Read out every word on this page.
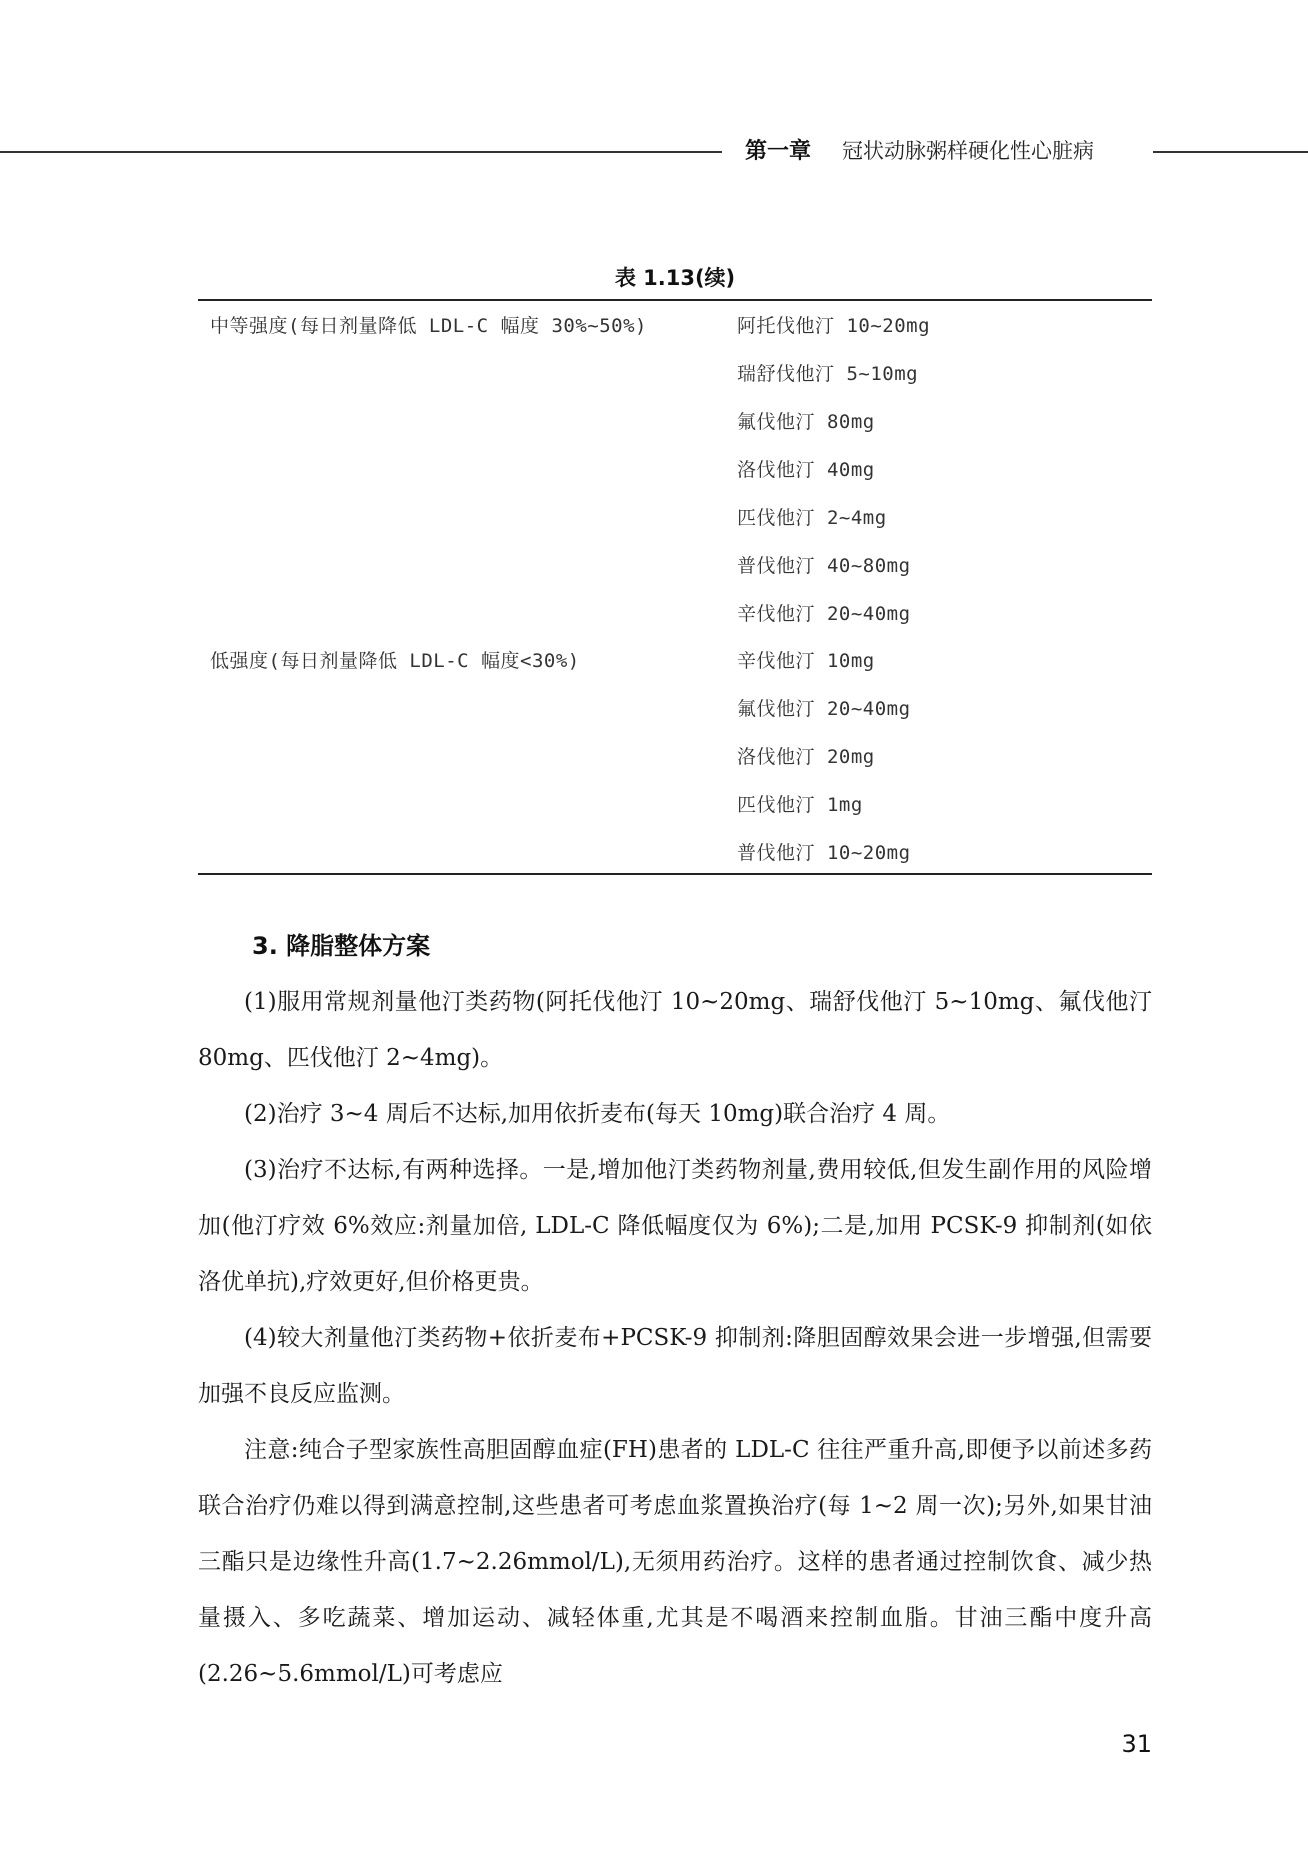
第一章 冠状动脉粥样硬化性心脏病
表 1.13(续)
中等强度(每日剂量降低 LDL-C 幅度 30%~50%)	阿托伐他汀 10~20mg
瑞舒伐他汀 5~10mg
氟伐他汀 80mg
洛伐他汀 40mg
匹伐他汀 2~4mg
普伐他汀 40~80mg
辛伐他汀 20~40mg
低强度(每日剂量降低 LDL-C 幅度<30%)	辛伐他汀 10mg
氟伐他汀 20~40mg
洛伐他汀 20mg
匹伐他汀 1mg
普伐他汀 10~20mg
3. 降脂整体方案

(1)服用常规剂量他汀类药物(阿托伐他汀 10~20mg、瑞舒伐他汀 5~10mg、氟伐他汀 80mg、匹伐他汀 2~4mg)。

(2)治疗 3~4 周后不达标,加用依折麦布(每天 10mg)联合治疗 4 周。

(3)治疗不达标,有两种选择。一是,增加他汀类药物剂量,费用较低,但发生副作用的风险增加(他汀疗效 6%效应:剂量加倍, LDL-C 降低幅度仅为 6%);二是,加用 PCSK-9 抑制剂(如依洛优单抗),疗效更好,但价格更贵。

(4)较大剂量他汀类药物+依折麦布+PCSK-9 抑制剂:降胆固醇效果会进一步增强,但需要加强不良反应监测。

注意:纯合子型家族性高胆固醇血症(FH)患者的 LDL-C 往往严重升高,即便予以前述多药联合治疗仍难以得到满意控制,这些患者可考虑血浆置换治疗(每 1~2 周一次);另外,如果甘油三酯只是边缘性升高(1.7~2.26mmol/L),无须用药治疗。这样的患者通过控制饮食、减少热量摄入、多吃蔬菜、增加运动、减轻体重,尤其是不喝酒来控制血脂。甘油三酯中度升高(2.26~5.6mmol/L)可考虑应

31
